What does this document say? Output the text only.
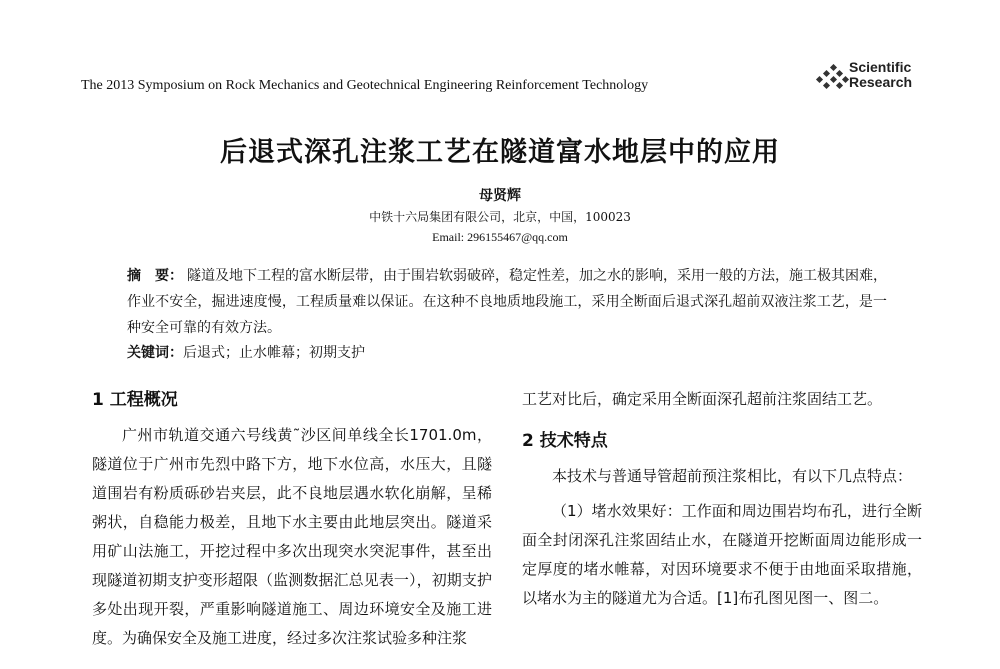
The 2013 Symposium on Rock Mechanics and Geotechnical Engineering Reinforcement Technology
Scientific
Research
后退式深孔注浆工艺在隧道富水地层中的应用
母贤辉
中铁十六局集团有限公司，北京，中国，100023
Email: 296155467@qq.com
摘　要： 隧道及地下工程的富水断层带，由于围岩软弱破碎，稳定性差，加之水的影响，采用一般的方法，施工极其困难，作业不安全，掘进速度慢，工程质量难以保证。在这种不良地质地段施工，采用全断面后退式深孔超前双液注浆工艺，是一种安全可靠的有效方法。
关键词：后退式；止水帷幕；初期支护
1 工程概况

广州市轨道交通六号线黄˜沙区间单线全长1701.0m，隧道位于广州市先烈中路下方，地下水位高，水压大，且隧道围岩有粉质砾砂岩夹层，此不良地层遇水软化崩解，呈稀粥状，自稳能力极差，且地下水主要由此地层突出。隧道采用矿山法施工，开挖过程中多次出现突水突泥事件，甚至出现隧道初期支护变形超限（监测数据汇总见表一），初期支护多处出现开裂，严重影响隧道施工、周边环境安全及施工进度。为确保安全及施工进度，经过多次注浆试验多种注浆

工艺对比后，确定采用全断面深孔超前注浆固结工艺。

2 技术特点

本技术与普通导管超前预注浆相比，有以下几点特点：

（1）堵水效果好：工作面和周边围岩均布孔，进行全断面全封闭深孔注浆固结止水，在隧道开挖断面周边能形成一定厚度的堵水帷幕，对因环境要求不便于由地面采取措施，以堵水为主的隧道尤为合适。[1]布孔图见图一、图二。
